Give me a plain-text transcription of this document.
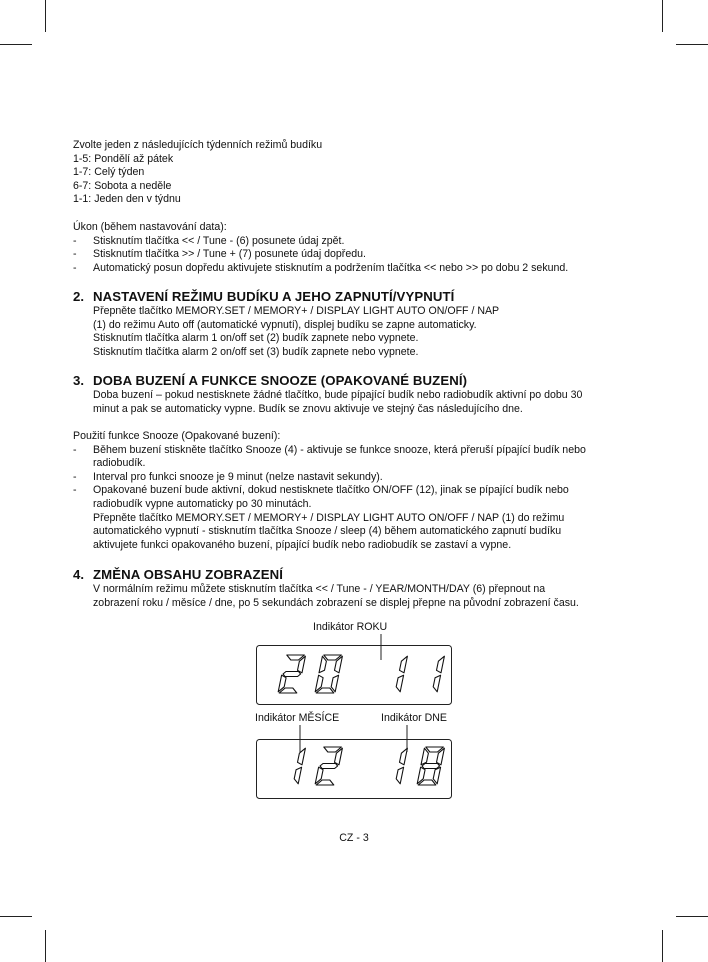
Zvolte jeden z následujících týdenních režimů budíku
1-5: Pondělí až pátek
1-7: Celý týden
6-7: Sobota a neděle
1-1: Jeden den v týdnu
Úkon (během nastavování data):
- Stisknutím tlačítka << / Tune - (6) posunete údaj zpět.
- Stisknutím tlačítka >> / Tune + (7) posunete údaj dopředu.
- Automatický posun dopředu aktivujete stisknutím a podržením tlačítka << nebo >> po dobu 2 sekund.
2. NASTAVENÍ REŽIMU BUDÍKU A JEHO ZAPNUTÍ/VYPNUTÍ
Přepněte tlačítko MEMORY.SET / MEMORY+ / DISPLAY LIGHT AUTO ON/OFF / NAP
(1) do režimu Auto off (automatické vypnutí), displej budíku se zapne automaticky.
Stisknutím tlačítka alarm 1 on/off set (2) budík zapnete nebo vypnete.
Stisknutím tlačítka alarm 2 on/off set (3) budík zapnete nebo vypnete.
3. DOBA BUZENÍ A FUNKCE SNOOZE (OPAKOVANÉ BUZENÍ)
Doba buzení – pokud nestisknete žádné tlačítko, bude pípající budík nebo radiobudík aktivní po dobu 30
minut a pak se automaticky vypne. Budík se znovu aktivuje ve stejný čas následujícího dne.
Použití funkce Snooze (Opakované buzení):
- Během buzení stiskněte tlačítko Snooze (4) - aktivuje se funkce snooze, která přeruší pípající budík nebo
radiobudík.
- Interval pro funkci snooze je 9 minut (nelze nastavit sekundy).
- Opakované buzení bude aktivní, dokud nestisknete tlačítko ON/OFF (12), jinak se pípající budík nebo
radiobudík vypne automaticky po 30 minutách.
Přepněte tlačítko MEMORY.SET / MEMORY+ / DISPLAY LIGHT AUTO ON/OFF / NAP (1) do režimu
automatického vypnutí - stisknutím tlačítka Snooze / sleep (4) během automatického zapnutí budíku
aktivujete funkci opakovaného buzení, pípající budík nebo radiobudík se zastaví a vypne.
4. ZMĚNA OBSAHU ZOBRAZENÍ
V normálním režimu můžete stisknutím tlačítka << / Tune - / YEAR/MONTH/DAY (6) přepnout na
zobrazení roku / měsíce / dne, po 5 sekundách zobrazení se displej přepne na původní zobrazení času.
Indikátor ROKU
Indikátor MĚSÍCE	Indikátor DNE
CZ - 3
